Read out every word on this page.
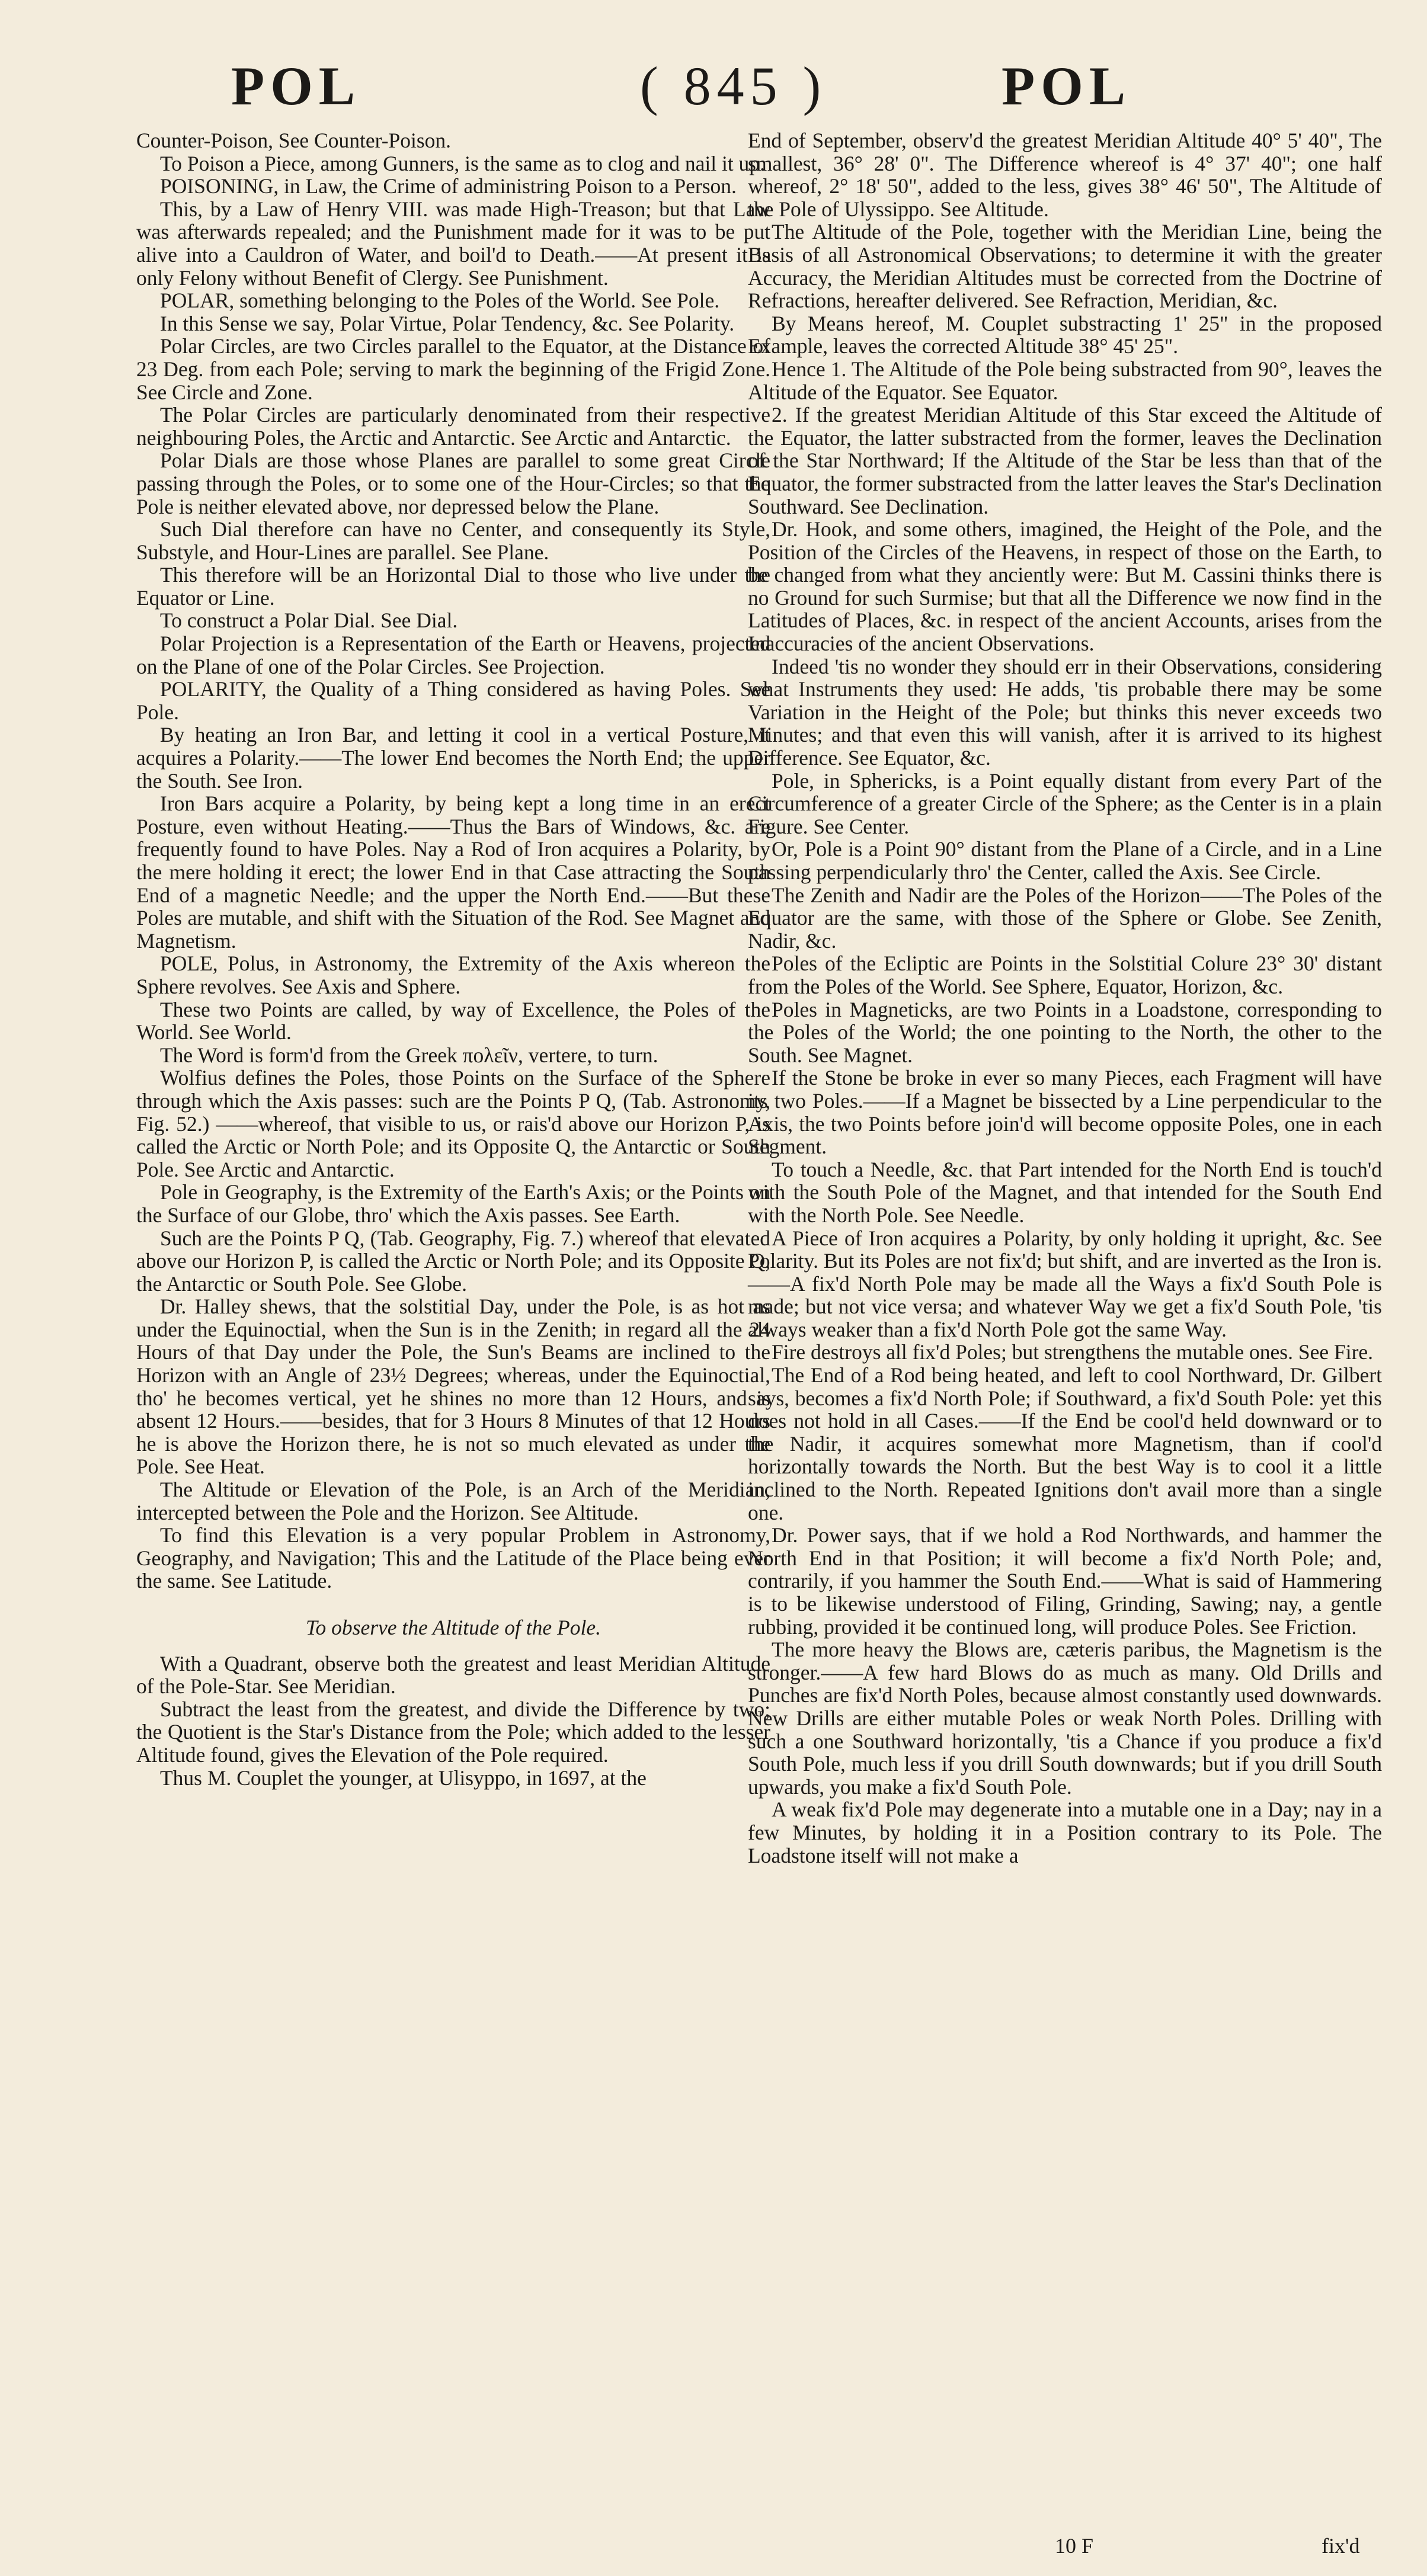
POL	( 845 )	POL

Counter-Poison, See Counter-Poison.

To Poison a Piece, among Gunners, is the same as to clog and nail it up.

POISONING, in Law, the Crime of administring Poison to a Person.

This, by a Law of Henry VIII. was made High-Treason; but that Law was afterwards repealed; and the Punishment made for it was to be put alive into a Cauldron of Water, and boil'd to Death.——At present it is only Felony without Benefit of Clergy. See Punishment.

POLAR, something belonging to the Poles of the World. See Pole.

In this Sense we say, Polar Virtue, Polar Tendency, &c. See Polarity.

Polar Circles, are two Circles parallel to the Equator, at the Distance of 23 Deg. from each Pole; serving to mark the beginning of the Frigid Zone. See Circle and Zone.

The Polar Circles are particularly denominated from their respective neighbouring Poles, the Arctic and Antarctic. See Arctic and Antarctic.

Polar Dials are those whose Planes are parallel to some great Circle passing through the Poles, or to some one of the Hour-Circles; so that the Pole is neither elevated above, nor depressed below the Plane.

Such Dial therefore can have no Center, and consequently its Style, Substyle, and Hour-Lines are parallel. See Plane.

This therefore will be an Horizontal Dial to those who live under the Equator or Line.

To construct a Polar Dial. See Dial.

Polar Projection is a Representation of the Earth or Heavens, projected on the Plane of one of the Polar Circles. See Projection.

POLARITY, the Quality of a Thing considered as having Poles. See Pole.

By heating an Iron Bar, and letting it cool in a vertical Posture, it acquires a Polarity.——The lower End becomes the North End; the upper the South. See Iron.

Iron Bars acquire a Polarity, by being kept a long time in an erect Posture, even without Heating.——Thus the Bars of Windows, &c. are frequently found to have Poles. Nay a Rod of Iron acquires a Polarity, by the mere holding it erect; the lower End in that Case attracting the South End of a magnetic Needle; and the upper the North End.——But these Poles are mutable, and shift with the Situation of the Rod. See Magnet and Magnetism.

POLE, Polus, in Astronomy, the Extremity of the Axis whereon the Sphere revolves. See Axis and Sphere.

These two Points are called, by way of Excellence, the Poles of the World. See World.

The Word is form'd from the Greek πολεῖν, vertere, to turn.

Wolfius defines the Poles, those Points on the Surface of the Sphere through which the Axis passes: such are the Points P Q, (Tab. Astronomy, Fig. 52.) ——whereof, that visible to us, or rais'd above our Horizon P, is called the Arctic or North Pole; and its Opposite Q, the Antarctic or South Pole. See Arctic and Antarctic.

Pole in Geography, is the Extremity of the Earth's Axis; or the Points on the Surface of our Globe, thro' which the Axis passes. See Earth.

Such are the Points P Q, (Tab. Geography, Fig. 7.) whereof that elevated above our Horizon P, is called the Arctic or North Pole; and its Opposite Q, the Antarctic or South Pole. See Globe.

Dr. Halley shews, that the solstitial Day, under the Pole, is as hot as under the Equinoctial, when the Sun is in the Zenith; in regard all the 24 Hours of that Day under the Pole, the Sun's Beams are inclined to the Horizon with an Angle of 23½ Degrees; whereas, under the Equinoctial, tho' he becomes vertical, yet he shines no more than 12 Hours, and is absent 12 Hours.——besides, that for 3 Hours 8 Minutes of that 12 Hours he is above the Horizon there, he is not so much elevated as under the Pole. See Heat.

The Altitude or Elevation of the Pole, is an Arch of the Meridian, intercepted between the Pole and the Horizon. See Altitude.

To find this Elevation is a very popular Problem in Astronomy, Geography, and Navigation; This and the Latitude of the Place being ever the same. See Latitude.

To observe the Altitude of the Pole.

With a Quadrant, observe both the greatest and least Meridian Altitude of the Pole-Star. See Meridian.

Subtract the least from the greatest, and divide the Difference by two; the Quotient is the Star's Distance from the Pole; which added to the lesser Altitude found, gives the Elevation of the Pole required.

Thus M. Couplet the younger, at Ulisyppo, in 1697, at the

End of September, observ'd the greatest Meridian Altitude 40° 5' 40", The smallest, 36° 28' 0". The Difference whereof is 4° 37' 40"; one half whereof, 2° 18' 50", added to the less, gives 38° 46' 50", The Altitude of the Pole of Ulyssippo. See Altitude.

The Altitude of the Pole, together with the Meridian Line, being the Basis of all Astronomical Observations; to determine it with the greater Accuracy, the Meridian Altitudes must be corrected from the Doctrine of Refractions, hereafter delivered. See Refraction, Meridian, &c.

By Means hereof, M. Couplet substracting 1' 25" in the proposed Example, leaves the corrected Altitude 38° 45' 25".

Hence 1. The Altitude of the Pole being substracted from 90°, leaves the Altitude of the Equator. See Equator.

2. If the greatest Meridian Altitude of this Star exceed the Altitude of the Equator, the latter substracted from the former, leaves the Declination of the Star Northward; If the Altitude of the Star be less than that of the Equator, the former substracted from the latter leaves the Star's Declination Southward. See Declination.

Dr. Hook, and some others, imagined, the Height of the Pole, and the Position of the Circles of the Heavens, in respect of those on the Earth, to be changed from what they anciently were: But M. Cassini thinks there is no Ground for such Surmise; but that all the Difference we now find in the Latitudes of Places, &c. in respect of the ancient Accounts, arises from the Inaccuracies of the ancient Observations.

Indeed 'tis no wonder they should err in their Observations, considering what Instruments they used: He adds, 'tis probable there may be some Variation in the Height of the Pole; but thinks this never exceeds two Minutes; and that even this will vanish, after it is arrived to its highest Difference. See Equator, &c.

Pole, in Sphericks, is a Point equally distant from every Part of the Circumference of a greater Circle of the Sphere; as the Center is in a plain Figure. See Center.

Or, Pole is a Point 90° distant from the Plane of a Circle, and in a Line passing perpendicularly thro' the Center, called the Axis. See Circle.

The Zenith and Nadir are the Poles of the Horizon——The Poles of the Equator are the same, with those of the Sphere or Globe. See Zenith, Nadir, &c.

Poles of the Ecliptic are Points in the Solstitial Colure 23° 30' distant from the Poles of the World. See Sphere, Equator, Horizon, &c.

Poles in Magneticks, are two Points in a Loadstone, corresponding to the Poles of the World; the one pointing to the North, the other to the South. See Magnet.

If the Stone be broke in ever so many Pieces, each Fragment will have its two Poles.——If a Magnet be bissected by a Line perpendicular to the Axis, the two Points before join'd will become opposite Poles, one in each Segment.

To touch a Needle, &c. that Part intended for the North End is touch'd with the South Pole of the Magnet, and that intended for the South End with the North Pole. See Needle.

A Piece of Iron acquires a Polarity, by only holding it upright, &c. See Polarity. But its Poles are not fix'd; but shift, and are inverted as the Iron is.——A fix'd North Pole may be made all the Ways a fix'd South Pole is made; but not vice versa; and whatever Way we get a fix'd South Pole, 'tis always weaker than a fix'd North Pole got the same Way.

Fire destroys all fix'd Poles; but strengthens the mutable ones. See Fire.

The End of a Rod being heated, and left to cool Northward, Dr. Gilbert says, becomes a fix'd North Pole; if Southward, a fix'd South Pole: yet this does not hold in all Cases.——If the End be cool'd held downward or to the Nadir, it acquires somewhat more Magnetism, than if cool'd horizontally towards the North. But the best Way is to cool it a little inclined to the North. Repeated Ignitions don't avail more than a single one.

Dr. Power says, that if we hold a Rod Northwards, and hammer the North End in that Position; it will become a fix'd North Pole; and, contrarily, if you hammer the South End.——What is said of Hammering is to be likewise understood of Filing, Grinding, Sawing; nay, a gentle rubbing, provided it be continued long, will produce Poles. See Friction.

The more heavy the Blows are, cæteris paribus, the Magnetism is the stronger.——A few hard Blows do as much as many. Old Drills and Punches are fix'd North Poles, because almost constantly used downwards. New Drills are either mutable Poles or weak North Poles. Drilling with such a one Southward horizontally, 'tis a Chance if you produce a fix'd South Pole, much less if you drill South downwards; but if you drill South upwards, you make a fix'd South Pole.

A weak fix'd Pole may degenerate into a mutable one in a Day; nay in a few Minutes, by holding it in a Position contrary to its Pole. The Loadstone itself will not make a

10 F	fix'd
